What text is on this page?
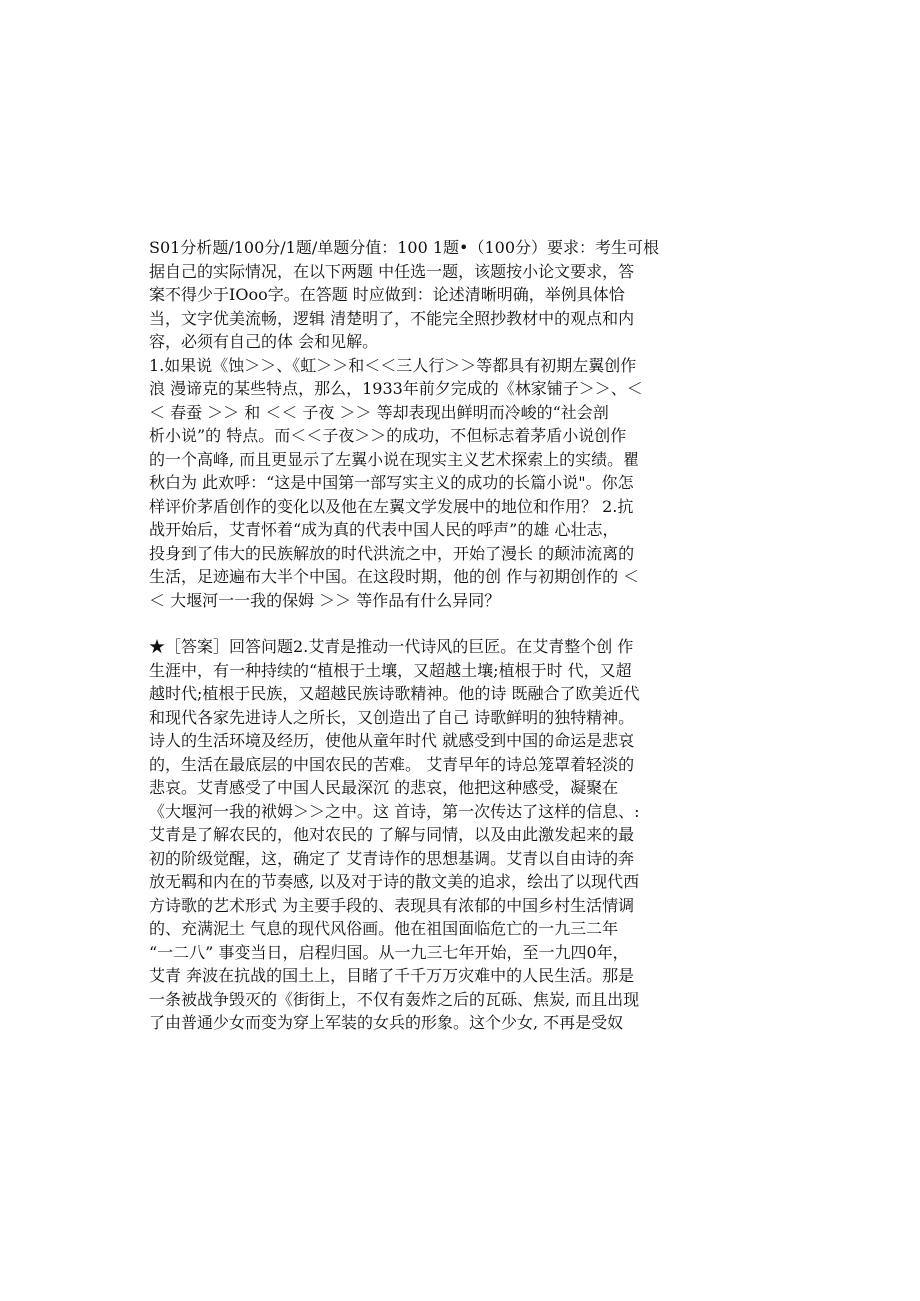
S01分析题/100分/1题/单题分值：100 1题•（100分）要求：考生可根
据自己的实际情况，在以下两题 中任选一题，该题按小论文要求，答
案不得少于IOoo字。在答题 时应做到：论述清晰明确，举例具体恰
当，文字优美流畅，逻辑 清楚明了，不能完全照抄教材中的观点和内
容，必须有自己的体 会和见解。
1.如果说《蚀＞＞、《虹＞＞和＜＜三人行＞＞等都具有初期左翼创作
浪 漫谛克的某些特点，那么，1933年前夕完成的《林家铺子＞＞、＜
＜ 春蚕 ＞＞ 和 ＜＜ 子夜 ＞＞ 等却表现出鲜明而冷峻的“社会剖
析小说”的 特点。而＜＜子夜＞＞的成功，不但标志着茅盾小说创作
的一个高峰, 而且更显示了左翼小说在现实主义艺术探索上的实绩。瞿
秋白为 此欢呼：“这是中国第一部写实主义的成功的长篇小说"。你怎
样评价茅盾创作的变化以及他在左翼文学发展中的地位和作用？ 2.抗
战开始后，艾青怀着“成为真的代表中国人民的呼声”的雄 心壮志，
投身到了伟大的民族解放的时代洪流之中，开始了漫长 的颠沛流离的
生活，足迹遍布大半个中国。在这段时期，他的创 作与初期创作的 ＜
＜ 大堰河一一我的保姆 ＞＞ 等作品有什么异同？
★［答案］回答问题2.艾青是推动一代诗风的巨匠。在艾青整个创 作
生涯中，有一种持续的“植根于土壤，又超越土壤;植根于时 代，又超
越时代;植根于民族，又超越民族诗歌精神。他的诗 既融合了欧美近代
和现代各家先进诗人之所长，又创造出了自己 诗歌鲜明的独特精神。
诗人的生活环境及经历，使他从童年时代 就感受到中国的命运是悲哀
的，生活在最底层的中国农民的苦难。 艾青早年的诗总笼罩着轻淡的
悲哀。艾青感受了中国人民最深沉 的悲哀，他把这种感受，凝聚在
《大堰河一我的袱姆＞＞之中。这 首诗，第一次传达了这样的信息、:
艾青是了解农民的，他对农民的 了解与同情，以及由此激发起来的最
初的阶级觉醒，这，确定了 艾青诗作的思想基调。艾青以自由诗的奔
放无羁和内在的节奏感, 以及对于诗的散文美的追求，绘出了以现代西
方诗歌的艺术形式 为主要手段的、表现具有浓郁的中国乡村生活情调
的、充满泥土 气息的现代风俗画。他在祖国面临危亡的一九三二年
“一二八” 事变当日，启程归国。从一九三七年开始，至一九四0年，
艾青 奔波在抗战的国土上，目睹了千千万万灾难中的人民生活。那是
一条被战争毁灭的《街街上，不仅有轰炸之后的瓦砾、焦炭, 而且出现
了由普通少女而变为穿上军装的女兵的形象。这个少女, 不再是受奴
